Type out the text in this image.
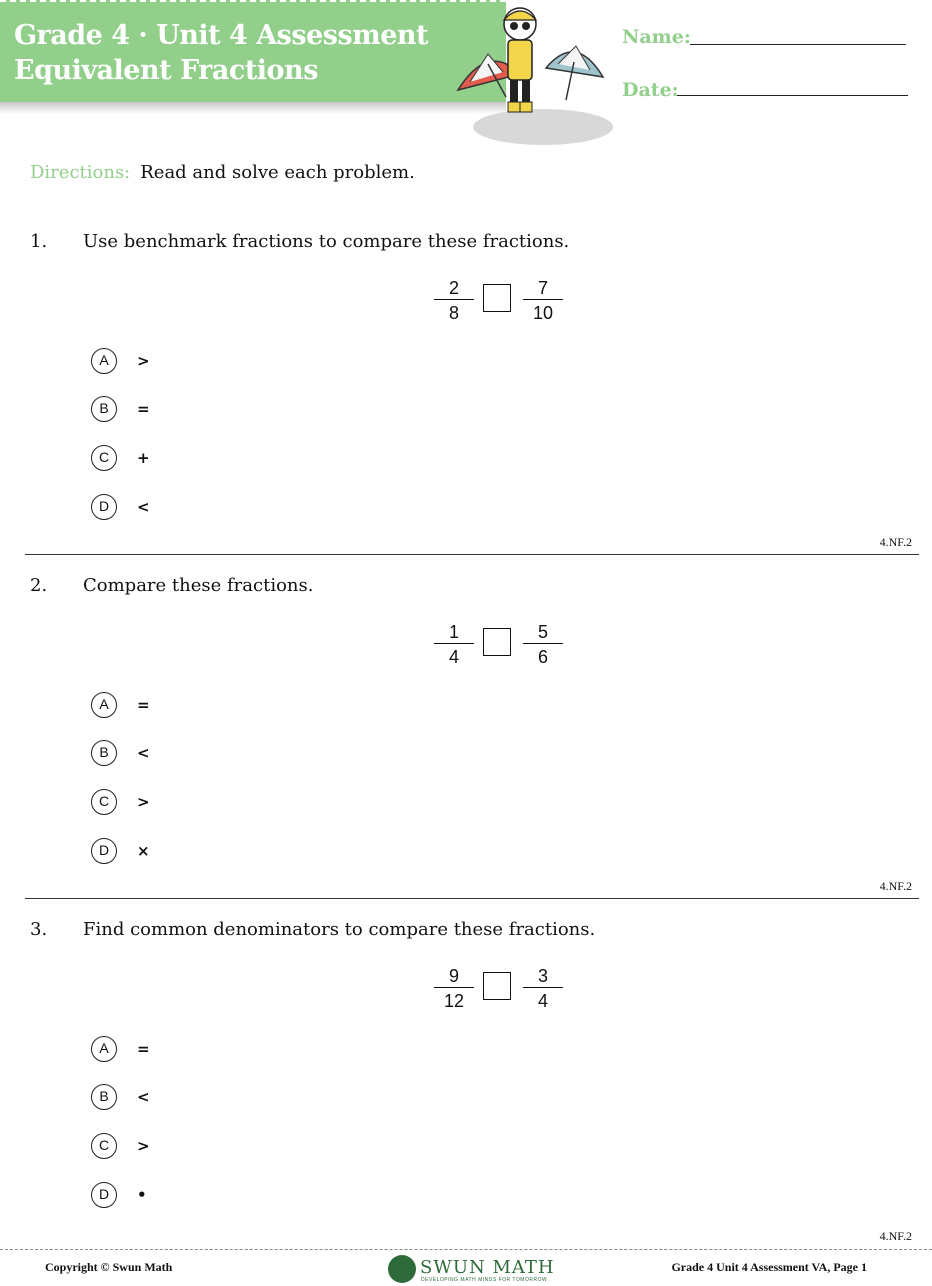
Grade 4 · Unit 4 Assessment
Equivalent Fractions
Name:
Date:
Directions: Read and solve each problem.
1. Use benchmark fractions to compare these fractions.
$\frac{2}{8}$	$\frac{7}{10}$
A	>
B	=
C	+
D	<
4.NF.2
2. Compare these fractions.
$\frac{1}{4}$	$\frac{5}{6}$
A	=
B	<
C	>
D	×
4.NF.2
3. Find common denominators to compare these fractions.
$\frac{9}{12}$	$\frac{3}{4}$
A	=
B	<
C	>
D	•
4.NF.2
Copyright © Swun Math	SWUN MATH
DEVELOPING MATH MINDS FOR TOMORROW
Grade 4 Unit 4 Assessment VA, Page 1
